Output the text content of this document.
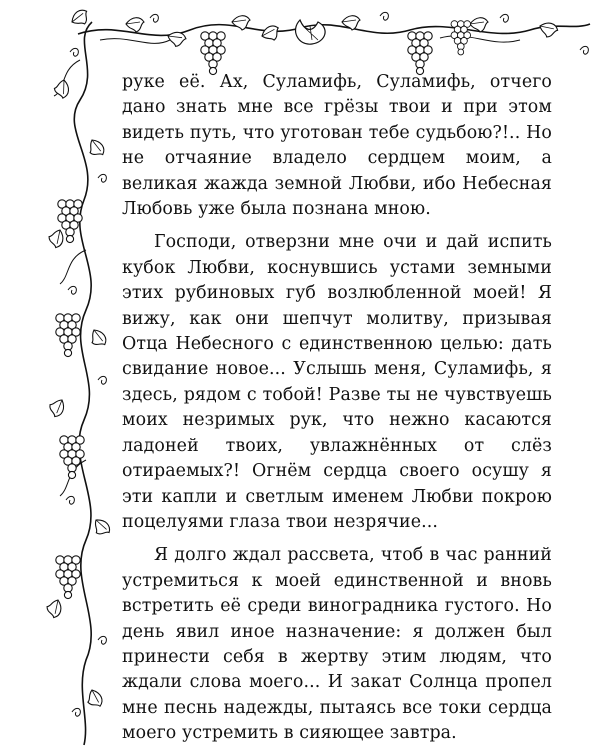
руке её. Ах, Суламифь, Суламифь, отчего дано знать мне все грёзы твои и при этом видеть путь, что уготован тебе судьбою?!.. Но не отчаяние владело сердцем моим, а великая жажда земной Любви, ибо Небесная Любовь уже была познана мною.

Господи, отверзни мне очи и дай испить кубок Любви, коснувшись устами земными этих рубиновых губ возлюбленной моей! Я вижу, как они шепчут молитву, призывая Отца Небесного с единственною целью: дать свидание новое... Услышь меня, Суламифь, я здесь, рядом с тобой! Разве ты не чувствуешь моих незримых рук, что нежно касаются ладоней твоих, увлажнённых от слёз отираемых?! Огнём сердца своего осушу я эти капли и светлым именем Любви покрою поцелуями глаза твои незрячие...

Я долго ждал рассвета, чтоб в час ранний устремиться к моей единственной и вновь встретить её среди виноградника густого. Но день явил иное назначение: я должен был принести себя в жертву этим людям, что ждали слова моего... И закат Солнца пропел мне песнь надежды, пытаясь все токи сердца моего устремить в сияющее завтра.
